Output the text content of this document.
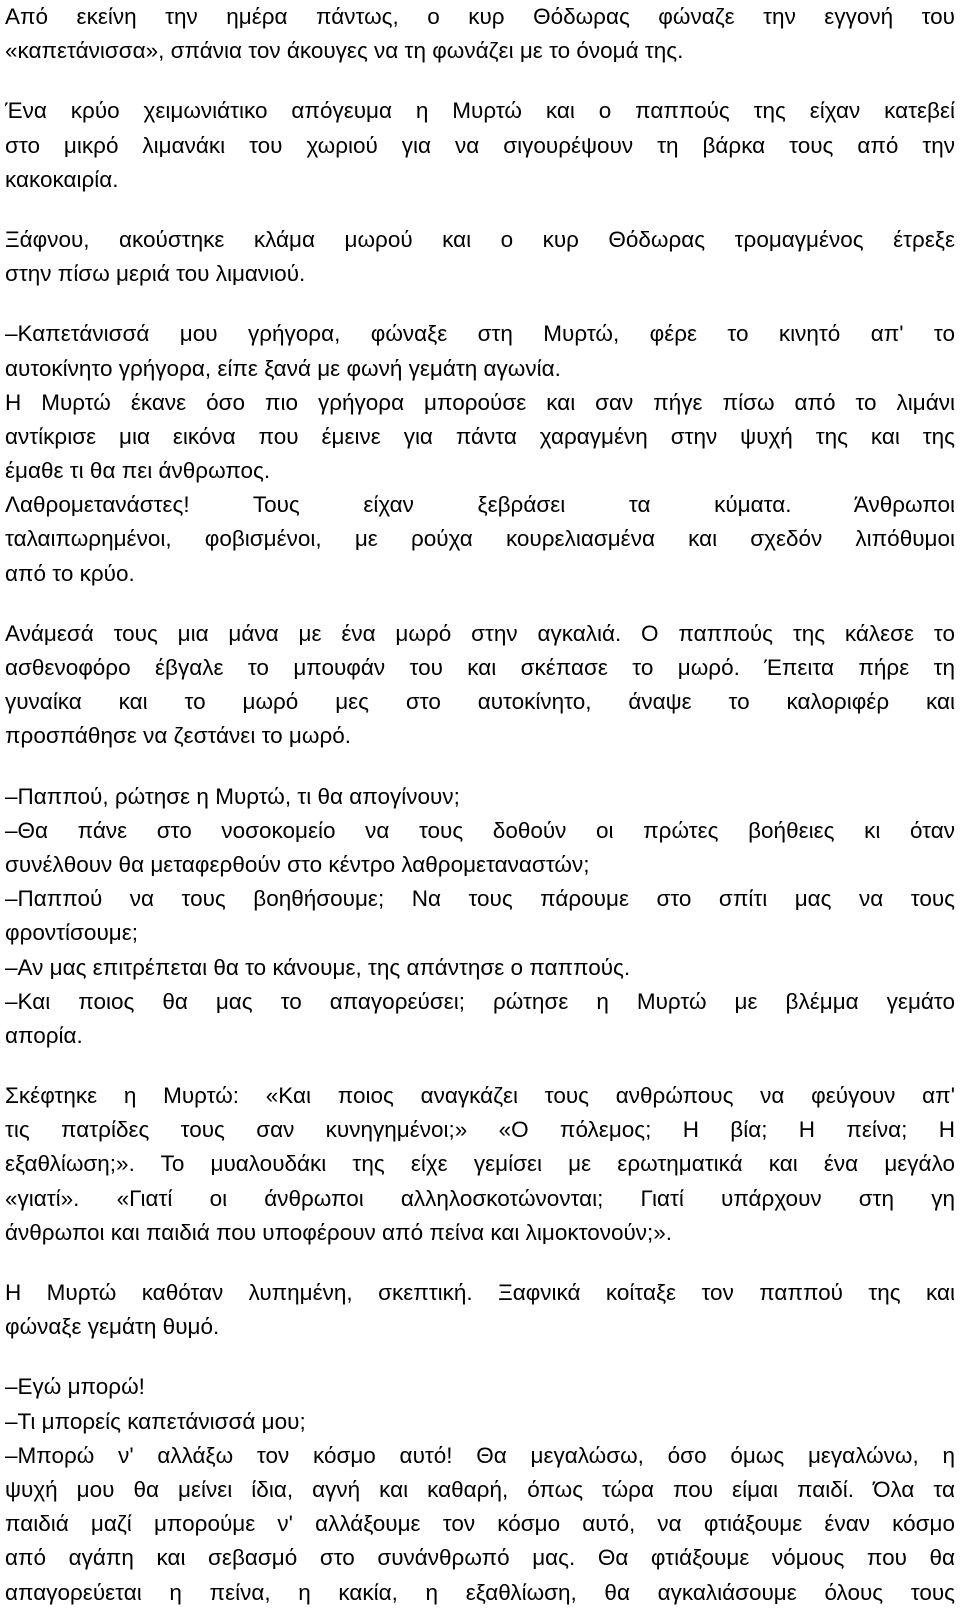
Από εκείνη την ημέρα πάντως, ο κυρ Θόδωρας φώναζε την εγγονή του
«καπετάνισσα», σπάνια τον άκουγες να τη φωνάζει με το όνομά της.
Ένα κρύο χειμωνιάτικο απόγευμα η Μυρτώ και ο παππούς της είχαν κατεβεί
στο μικρό λιμανάκι του χωριού για να σιγουρέψουν τη βάρκα τους από την
κακοκαιρία.
Ξάφνου, ακούστηκε κλάμα μωρού και ο κυρ Θόδωρας τρομαγμένος έτρεξε
στην πίσω μεριά του λιμανιού.
–Καπετάνισσά μου γρήγορα, φώναξε στη Μυρτώ, φέρε το κινητό απ' το
αυτοκίνητο γρήγορα, είπε ξανά με φωνή γεμάτη αγωνία.
Η Μυρτώ έκανε όσο πιο γρήγορα μπορούσε και σαν πήγε πίσω από το λιμάνι
αντίκρισε μια εικόνα που έμεινε για πάντα χαραγμένη στην ψυχή της και της
έμαθε τι θα πει άνθρωπος.
Λαθρομετανάστες! Τους είχαν ξεβράσει τα κύματα. Άνθρωποι
ταλαιπωρημένοι, φοβισμένοι, με ρούχα κουρελιασμένα και σχεδόν λιπόθυμοι
από το κρύο.
Ανάμεσά τους μια μάνα με ένα μωρό στην αγκαλιά. Ο παππούς της κάλεσε το
ασθενοφόρο έβγαλε το μπουφάν του και σκέπασε το μωρό. Έπειτα πήρε τη
γυναίκα και το μωρό μες στο αυτοκίνητο, άναψε το καλοριφέρ και
προσπάθησε να ζεστάνει το μωρό.
–Παππού, ρώτησε η Μυρτώ, τι θα απογίνουν;
–Θα πάνε στο νοσοκομείο να τους δοθούν οι πρώτες βοήθειες κι όταν
συνέλθουν θα μεταφερθούν στο κέντρο λαθρομεταναστών;
–Παππού να τους βοηθήσουμε; Να τους πάρουμε στο σπίτι μας να τους
φροντίσουμε;
–Αν μας επιτρέπεται θα το κάνουμε, της απάντησε ο παππούς.
–Και ποιος θα μας το απαγορεύσει; ρώτησε η Μυρτώ με βλέμμα γεμάτο
απορία.
Σκέφτηκε η Μυρτώ: «Και ποιος αναγκάζει τους ανθρώπους να φεύγουν απ'
τις πατρίδες τους σαν κυνηγημένοι;» «Ο πόλεμος; Η βία; Η πείνα; Η
εξαθλίωση;». Το μυαλουδάκι της είχε γεμίσει με ερωτηματικά και ένα μεγάλο
«γιατί». «Γιατί οι άνθρωποι αλληλοσκοτώνονται; Γιατί υπάρχουν στη γη
άνθρωποι και παιδιά που υποφέρουν από πείνα και λιμοκτονούν;».
Η Μυρτώ καθόταν λυπημένη, σκεπτική. Ξαφνικά κοίταξε τον παππού της και
φώναξε γεμάτη θυμό.
–Εγώ μπορώ!
–Τι μπορείς καπετάνισσά μου;
–Μπορώ ν' αλλάξω τον κόσμο αυτό! Θα μεγαλώσω, όσο όμως μεγαλώνω, η
ψυχή μου θα μείνει ίδια, αγνή και καθαρή, όπως τώρα που είμαι παιδί. Όλα τα
παιδιά μαζί μπορούμε ν' αλλάξουμε τον κόσμο αυτό, να φτιάξουμε έναν κόσμο
από αγάπη και σεβασμό στο συνάνθρωπό μας. Θα φτιάξουμε νόμους που θα
απαγορεύεται η πείνα, η κακία, η εξαθλίωση, θα αγκαλιάσουμε όλους τους
